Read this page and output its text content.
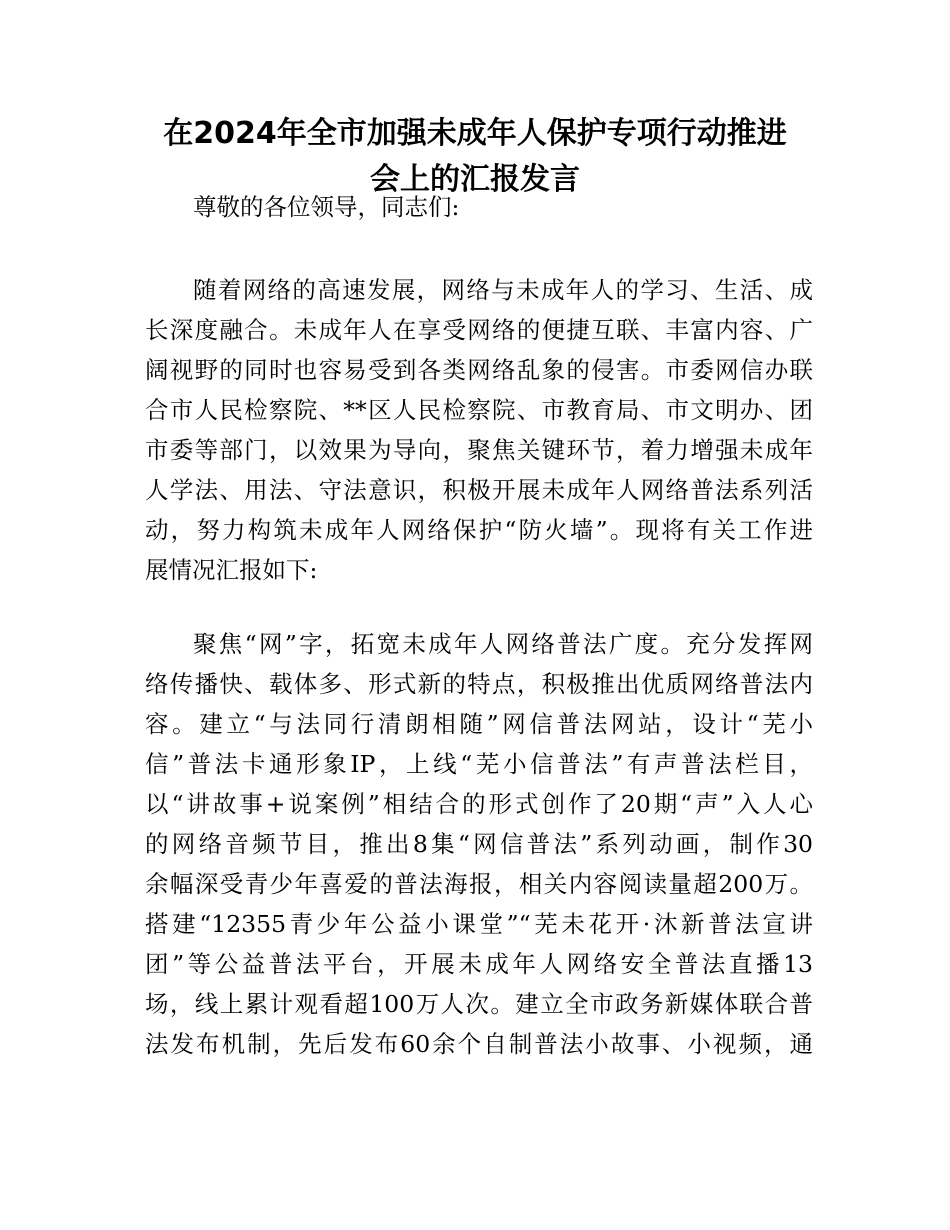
在2024年全市加强未成年人保护专项行动推进
会上的汇报发言

尊敬的各位领导，同志们:

随着网络的高速发展，网络与未成年人的学习、生活、成

长深度融合。未成年人在享受网络的便捷互联、丰富内容、广

阔视野的同时也容易受到各类网络乱象的侵害。市委网信办联

合市人民检察院、**区人民检察院、市教育局、市文明办、团

市委等部门，以效果为导向，聚焦关键环节，着力增强未成年

人学法、用法、守法意识，积极开展未成年人网络普法系列活

动，努力构筑未成年人网络保护“防火墙”。现将有关工作进

展情况汇报如下:

聚焦“网”字，拓宽未成年人网络普法广度。充分发挥网

络传播快、载体多、形式新的特点，积极推出优质网络普法内

容。建立“与法同行清朗相随”网信普法网站，设计“芜小

信”普法卡通形象IP，上线“芜小信普法”有声普法栏目，

以“讲故事+说案例”相结合的形式创作了20期“声”入人心

的网络音频节目，推出8集“网信普法”系列动画，制作30

余幅深受青少年喜爱的普法海报，相关内容阅读量超200万。

搭建“12355青少年公益小课堂”“芜未花开·沐新普法宣讲

团”等公益普法平台，开展未成年人网络安全普法直播13

场，线上累计观看超100万人次。建立全市政务新媒体联合普

法发布机制，先后发布60余个自制普法小故事、小视频，通
